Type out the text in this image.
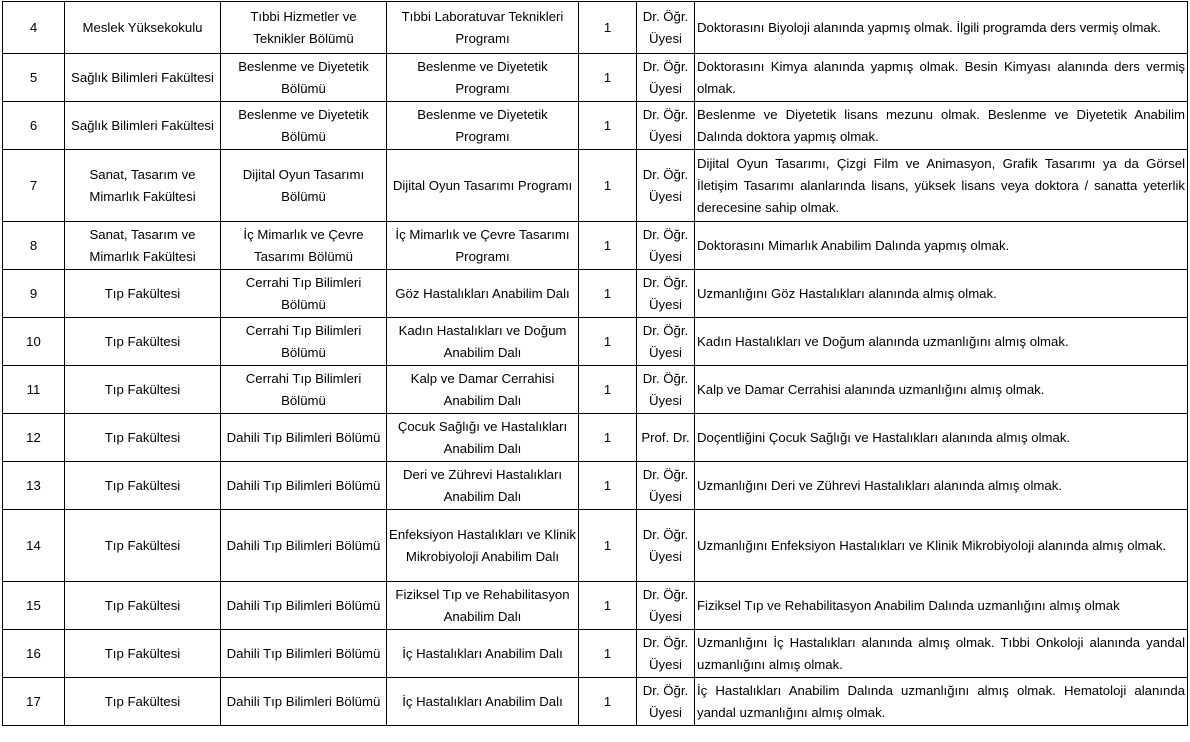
4	Meslek Yüksekokulu	Tıbbi Hizmetler ve Teknikler Bölümü	Tıbbi Laboratuvar Teknikleri Programı	1	Dr. Öğr. Üyesi	Doktorasını Biyoloji alanında yapmış olmak. İlgili programda ders vermiş olmak.
5	Sağlık Bilimleri Fakültesi	Beslenme ve Diyetetik Bölümü	Beslenme ve Diyetetik Programı	1	Dr. Öğr. Üyesi	Doktorasını Kimya alanında yapmış olmak. Besin Kimyası alanında ders vermiş olmak.
6	Sağlık Bilimleri Fakültesi	Beslenme ve Diyetetik Bölümü	Beslenme ve Diyetetik Programı	1	Dr. Öğr. Üyesi	Beslenme ve Diyetetik lisans mezunu olmak. Beslenme ve Diyetetik Anabilim Dalında doktora yapmış olmak.
7	Sanat, Tasarım ve Mimarlık Fakültesi	Dijital Oyun Tasarımı Bölümü	Dijital Oyun Tasarımı Programı	1	Dr. Öğr. Üyesi	Dijital Oyun Tasarımı, Çizgi Film ve Animasyon, Grafik Tasarımı ya da Görsel İletişim Tasarımı alanlarında lisans, yüksek lisans veya doktora / sanatta yeterlik derecesine sahip olmak.
8	Sanat, Tasarım ve Mimarlık Fakültesi	İç Mimarlık ve Çevre Tasarımı Bölümü	İç Mimarlık ve Çevre Tasarımı Programı	1	Dr. Öğr. Üyesi	Doktorasını Mimarlık Anabilim Dalında yapmış olmak.
9	Tıp Fakültesi	Cerrahi Tıp Bilimleri Bölümü	Göz Hastalıkları Anabilim Dalı	1	Dr. Öğr. Üyesi	Uzmanlığını Göz Hastalıkları alanında almış olmak.
10	Tıp Fakültesi	Cerrahi Tıp Bilimleri Bölümü	Kadın Hastalıkları ve Doğum Anabilim Dalı	1	Dr. Öğr. Üyesi	Kadın Hastalıkları ve Doğum alanında uzmanlığını almış olmak.
11	Tıp Fakültesi	Cerrahi Tıp Bilimleri Bölümü	Kalp ve Damar Cerrahisi Anabilim Dalı	1	Dr. Öğr. Üyesi	Kalp ve Damar Cerrahisi alanında uzmanlığını almış olmak.
12	Tıp Fakültesi	Dahili Tıp Bilimleri Bölümü	Çocuk Sağlığı ve Hastalıkları Anabilim Dalı	1	Prof. Dr.	Doçentliğini Çocuk Sağlığı ve Hastalıkları alanında almış olmak.
13	Tıp Fakültesi	Dahili Tıp Bilimleri Bölümü	Deri ve Zührevi Hastalıkları Anabilim Dalı	1	Dr. Öğr. Üyesi	Uzmanlığını Deri ve Zührevi Hastalıkları alanında almış olmak.
14	Tıp Fakültesi	Dahili Tıp Bilimleri Bölümü	Enfeksiyon Hastalıkları ve Klinik Mikrobiyoloji Anabilim Dalı	1	Dr. Öğr. Üyesi	Uzmanlığını Enfeksiyon Hastalıkları ve Klinik Mikrobiyoloji alanında almış olmak.
15	Tıp Fakültesi	Dahili Tıp Bilimleri Bölümü	Fiziksel Tıp ve Rehabilitasyon Anabilim Dalı	1	Dr. Öğr. Üyesi	Fiziksel Tıp ve Rehabilitasyon Anabilim Dalında uzmanlığını almış olmak
16	Tıp Fakültesi	Dahili Tıp Bilimleri Bölümü	İç Hastalıkları Anabilim Dalı	1	Dr. Öğr. Üyesi	Uzmanlığını İç Hastalıkları alanında almış olmak. Tıbbi Onkoloji alanında yandal uzmanlığını almış olmak.
17	Tıp Fakültesi	Dahili Tıp Bilimleri Bölümü	İç Hastalıkları Anabilim Dalı	1	Dr. Öğr. Üyesi	İç Hastalıkları Anabilim Dalında uzmanlığını almış olmak. Hematoloji alanında yandal uzmanlığını almış olmak.
